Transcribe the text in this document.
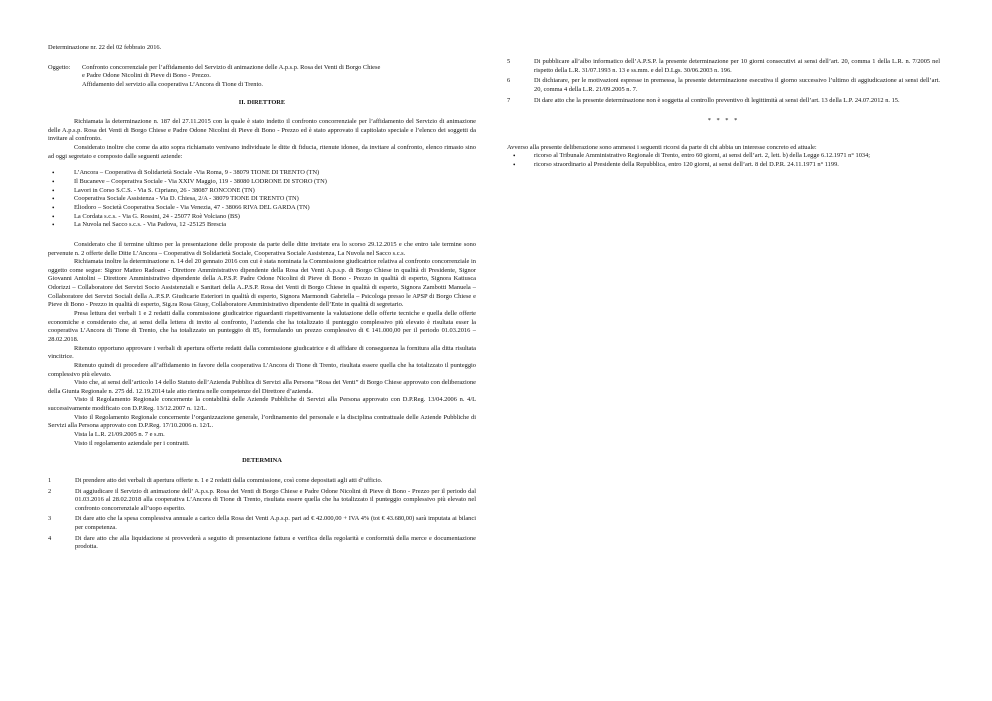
Determinazione nr. 22 del 02 febbraio 2016.

Oggetto:	Confronto concorrenziale per l’affidamento del Servizio di animazione delle A.p.s.p. Rosa dei Venti di Borgo Chiese
e Padre Odone Nicolini di Pieve di Bono - Prezzo.
Affidamento del servizio alla cooperativa L’Ancora di Tione di Trento.
II. DIRETTORE

Richiamata la determinazione n. 187 del 27.11.2015 con la quale è stato indetto il confronto concorrenziale per l’affidamento del Servizio di animazione delle A.p.s.p. Rosa dei Venti di Borgo Chiese e Padre Odone Nicolini di Pieve di Bono - Prezzo ed è stato approvato il capitolato speciale e l’elenco dei soggetti da invitare al confronto.

Considerato inoltre che come da atto sopra richiamato venivano individuate le ditte di fiducia, ritenute idonee, da invitare al confronto, elenco rimasto sino ad oggi segretato e composto dalle seguenti aziende:

• L’Ancora – Cooperativa di Solidarietà Sociale -Via Roma, 9 - 38079 TIONE DI TRENTO (TN)
• Il Bucaneve – Cooperativa Sociale - Via XXIV Maggio, 119 - 38080 LODRONE DI STORO (TN)
• Lavori in Corso S.C.S. - Via S. Cipriano, 26 - 38087 RONCONE (TN)
• Cooperativa Sociale Assistenza - Via D. Chiesa, 2/A - 38079 TIONE DI TRENTO (TN)
• Eliodoro – Società Cooperativa Sociale - Via Venezia, 47 - 38066 RIVA DEL GARDA (TN)
• La Cordata s.c.s. - Via G. Rossini, 24 - 25077 Roè Volciano (BS)
• La Nuvola nel Sacco s.c.s. - Via Padova, 12 -25125 Brescia

Considerato che il termine ultimo per la presentazione delle proposte da parte delle ditte invitate era lo scorso 29.12.2015 e che entro tale termine sono pervenute n. 2 offerte delle Ditte L’Ancora – Cooperativa di Solidarietà Sociale, Cooperativa Sociale Assistenza, La Nuvola nel Sacco s.c.s.

Richiamata inoltre la determinazione n. 14 del 20 gennaio 2016 con cui è stata nominata la Commissione giudicatrice relativa al confronto concorrenziale in oggetto come segue: Signor Matteo Radoani - Direttore Amministrativo dipendente della Rosa dei Venti A.p.s.p. di Borgo Chiese in qualità di Presidente, Signor Giovanni Antolini – Direttore Amministrativo dipendente della A.P.S.P. Padre Odone Nicolini di Pieve di Bono - Prezzo in qualità di esperto, Signora Katiusca Odorizzi – Collaboratore dei Servizi Socio Assistenziali e Sanitari della A..P.S.P. Rosa dei Venti di Borgo Chiese in qualità di esperto, Signora Zambotti Manuela – Collaboratore dei Servizi Sociali della A..P.S.P. Giudicarie Esteriori in qualità di esperto, Signora Marmondi Gabriella – Psicologa presso le APSP di Borgo Chiese e Pieve di Bono - Prezzo in qualità di esperto, Sig.ra Rosa Giusy, Collaboratore Amministrativo dipendente dell’Ente in qualità di segretario.

Presa lettura dei verbali 1 e 2 redatti dalla commissione giudicatrice riguardanti rispettivamente la valutazione delle offerte tecniche e quella delle offerte economiche e considerato che, ai sensi della lettera di invito al confronto, l’azienda che ha totalizzato il punteggio complessivo più elevato è risultata esser la cooperativa L’Ancora di Tione di Trento, che ha totalizzato un punteggio di 85, formulando un prezzo complessivo di € 141.000,00 per il periodo 01.03.2016 – 28.02.2018.

Ritenuto opportuno approvare i verbali di apertura offerte redatti dalla commissione giudicatrice e di affidare di conseguenza la fornitura alla ditta risultata vincitrice.

Ritenuto quindi di procedere all’affidamento in favore della cooperativa L’Ancora di Tione di Trento, risultata essere quella che ha totalizzato il punteggio complessivo più elevato.

Visto che, ai sensi dell’articolo 14 dello Statuto dell’Azienda Pubblica di Servizi alla Persona “Rosa dei Venti” di Borgo Chiese approvato con deliberazione della Giunta Regionale n. 275 dd. 12.19.2014 tale atto rientra nelle competenze del Direttore d’azienda.

Visto il Regolamento Regionale concernente la contabilità delle Aziende Pubbliche di Servizi alla Persona approvato con D.P.Reg. 13/04.2006 n. 4/L successivamente modificato con D.P.Reg. 13/12.2007 n. 12/L.

Visto il Regolamento Regionale concernente l’organizzazione generale, l’ordinamento del personale e la disciplina contrattuale delle Aziende Pubbliche di Servizi alla Persona approvato con D.P.Reg. 17/10.2006 n. 12/L.

Vista la L.R. 21/09.2005 n. 7 e s.m.

Visto il regolamento aziendale per i contratti.

DETERMINA
1	Di prendere atto dei verbali di apertura offerte n. 1 e 2 redatti dalla commissione, così come depositati agli atti d’ufficio.
2	Di aggiudicare il Servizio di animazione dell’ A.p.s.p. Rosa dei Venti di Borgo Chiese e Padre Odone Nicolini di Pieve di Bono - Prezzo per il periodo dal 01.03.2016 al 28.02.2018 alla cooperativa L’Ancora di Tione di Trento, risultata essere quella che ha totalizzato il punteggio complessivo più elevato nel confronto concorrenziale all’uopo esperito.
3	Di dare atto che la spesa complessiva annuale a carico della Rosa dei Venti A.p.s.p. pari ad € 42.000,00 + IVA 4% (tot € 43.680,00) sarà imputata ai bilanci per competenza.
4	Di dare atto che alla liquidazione si provvederà a seguito di presentazione fattura e verifica della regolarità e conformità della merce e documentazione prodotta.
5	Di pubblicare all’albo informatico dell’A.P.S.P. la presente determinazione per 10 giorni consecutivi ai sensi dell’art. 20, comma 1 della L.R. n. 7/2005 nel rispetto della L.R. 31/07.1993 n. 13 e ss.mm. e del D.Lgs. 30/06.2003 n. 196.
6	Di dichiarare, per le motivazioni espresse in premessa, la presente determinazione esecutiva il giorno successivo l’ultimo di aggiudicazione ai sensi dell’art. 20, comma 4 della L.R. 21/09.2005 n. 7.
7	Di dare atto che la presente determinazione non è soggetta al controllo preventivo di legittimità ai sensi dell’art. 13 della L.P. 24.07.2012 n. 15.
* * * *

Avverso alla presente deliberazione sono ammessi i seguenti ricorsi da parte di chi abbia un interesse concreto ed attuale:

• ricorso al Tribunale Amministrativo Regionale di Trento, entro 60 giorni, ai sensi dell’art. 2, lett. b) della Legge 6.12.1971 n° 1034;
• ricorso straordinario al Presidente della Repubblica, entro 120 giorni, ai sensi dell’art. 8 del D.P.R. 24.11.1971 n° 1199.
